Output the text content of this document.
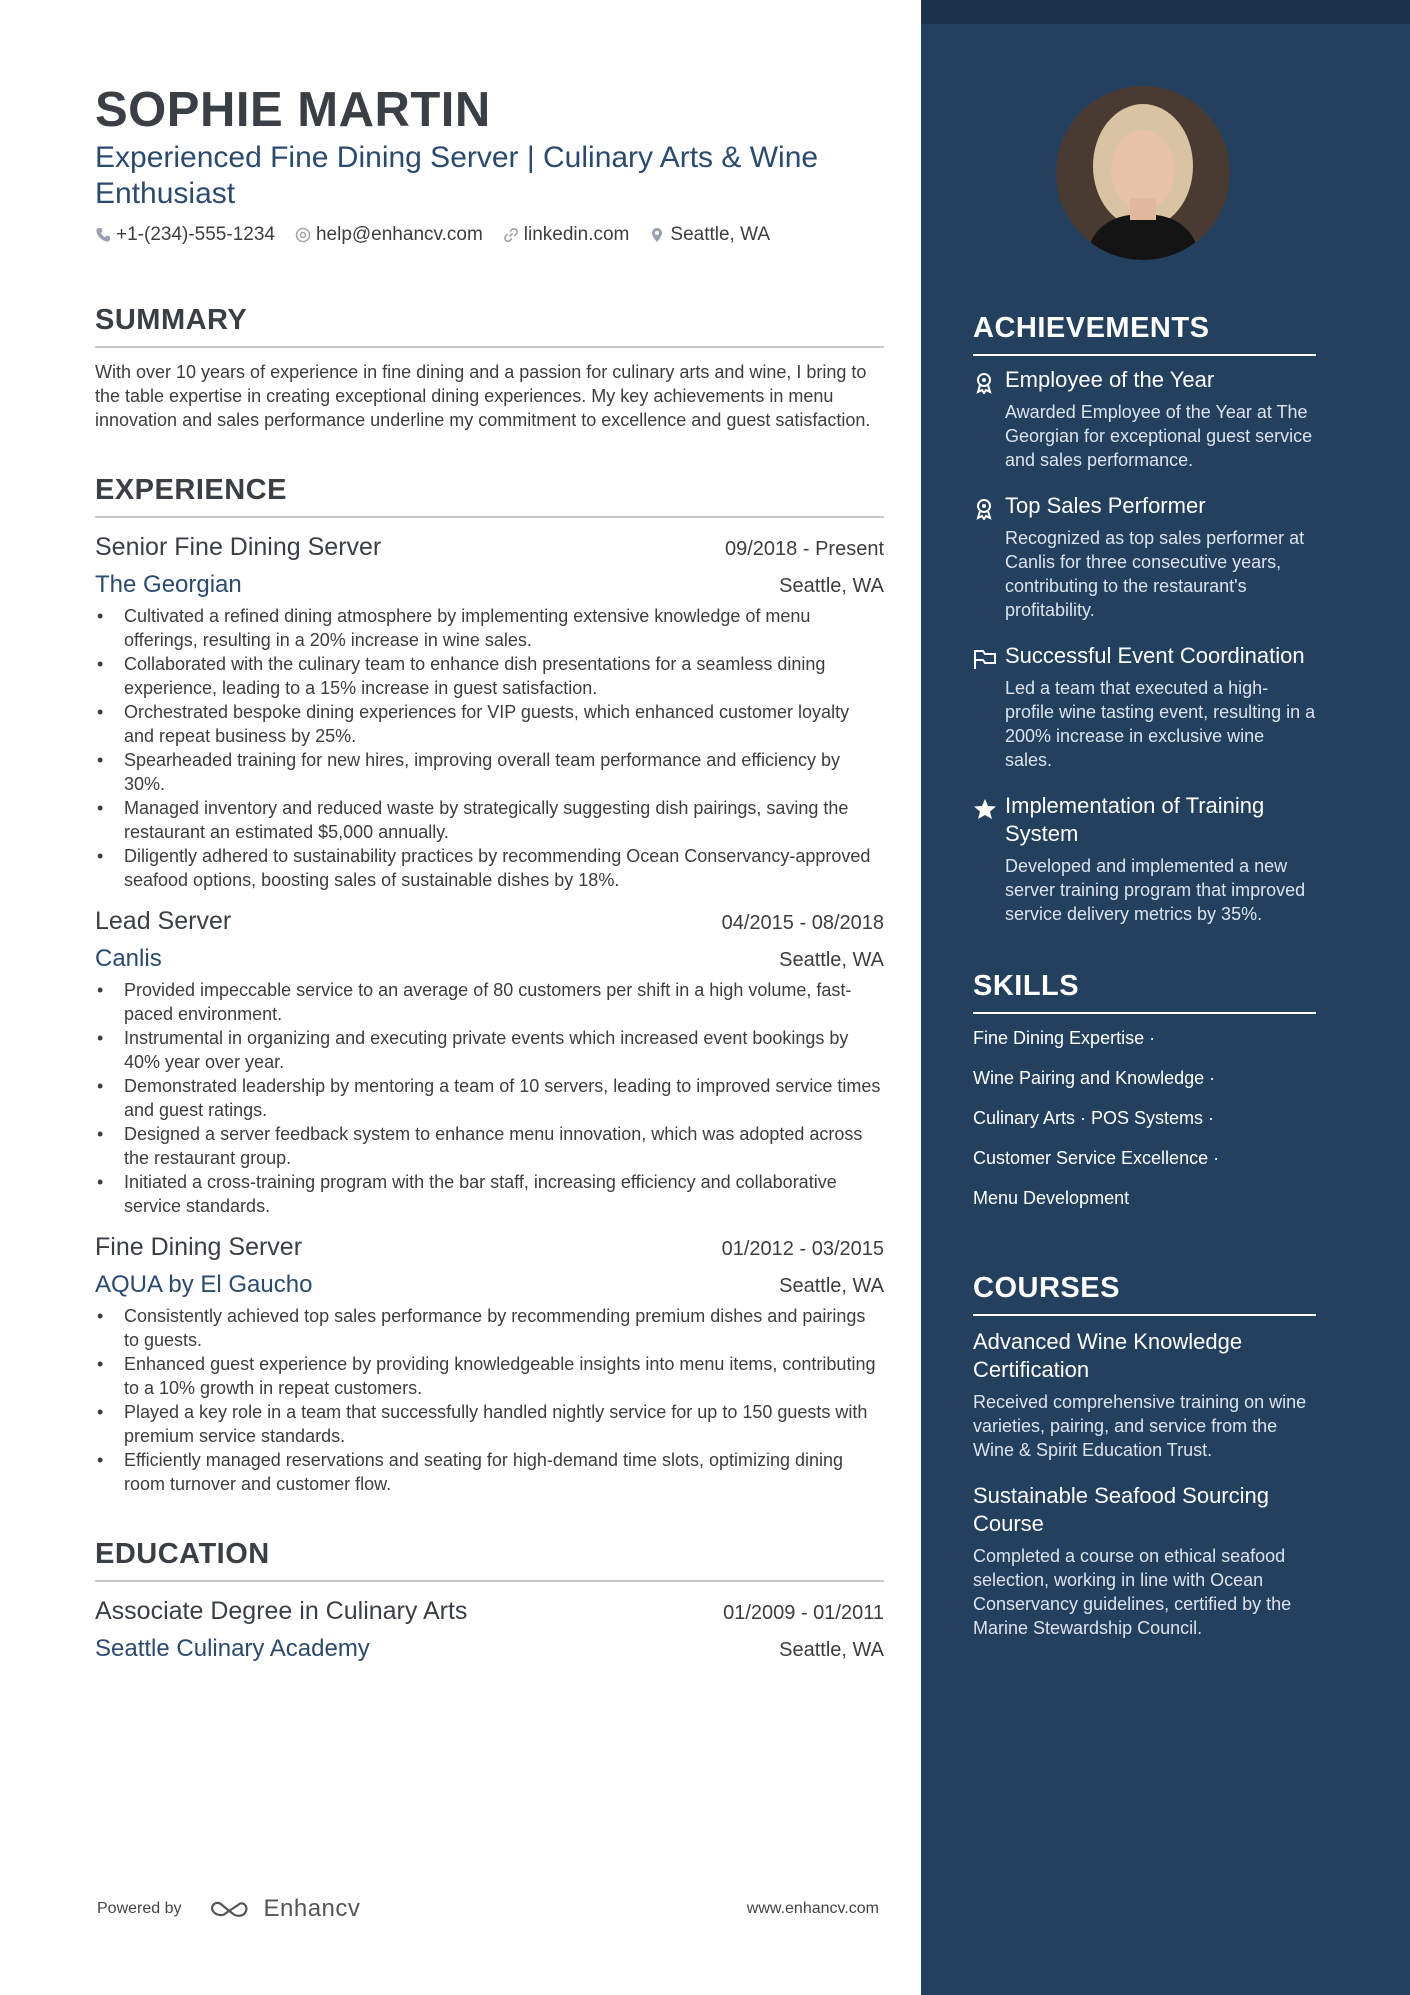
SOPHIE MARTIN

Experienced Fine Dining Server | Culinary Arts & Wine Enthusiast

+1-(234)-555-1234 help@enhancv.com linkedin.com Seattle, WA
SUMMARY
With over 10 years of experience in fine dining and a passion for culinary arts and wine, I bring to the table expertise in creating exceptional dining experiences. My key achievements in menu innovation and sales performance underline my commitment to excellence and guest satisfaction.
EXPERIENCE
Senior Fine Dining Server	09/2018 - Present
The Georgian	Seattle, WA
• Cultivated a refined dining atmosphere by implementing extensive knowledge of menu offerings, resulting in a 20% increase in wine sales.
• Collaborated with the culinary team to enhance dish presentations for a seamless dining experience, leading to a 15% increase in guest satisfaction.
• Orchestrated bespoke dining experiences for VIP guests, which enhanced customer loyalty and repeat business by 25%.
• Spearheaded training for new hires, improving overall team performance and efficiency by 30%.
• Managed inventory and reduced waste by strategically suggesting dish pairings, saving the restaurant an estimated $5,000 annually.
• Diligently adhered to sustainability practices by recommending Ocean Conservancy-approved seafood options, boosting sales of sustainable dishes by 18%.
Lead Server	04/2015 - 08/2018
Canlis	Seattle, WA
• Provided impeccable service to an average of 80 customers per shift in a high volume, fast-paced environment.
• Instrumental in organizing and executing private events which increased event bookings by 40% year over year.
• Demonstrated leadership by mentoring a team of 10 servers, leading to improved service times and guest ratings.
• Designed a server feedback system to enhance menu innovation, which was adopted across the restaurant group.
• Initiated a cross-training program with the bar staff, increasing efficiency and collaborative service standards.
Fine Dining Server	01/2012 - 03/2015
AQUA by El Gaucho	Seattle, WA
• Consistently achieved top sales performance by recommending premium dishes and pairings to guests.
• Enhanced guest experience by providing knowledgeable insights into menu items, contributing to a 10% growth in repeat customers.
• Played a key role in a team that successfully handled nightly service for up to 150 guests with premium service standards.
• Efficiently managed reservations and seating for high-demand time slots, optimizing dining room turnover and customer flow.
EDUCATION
Associate Degree in Culinary Arts	01/2009 - 01/2011
Seattle Culinary Academy	Seattle, WA
Powered by	Enhancv	www.enhancv.com
ACHIEVEMENTS
Employee of the Year
Awarded Employee of the Year at The Georgian for exceptional guest service and sales performance.
Top Sales Performer
Recognized as top sales performer at Canlis for three consecutive years, contributing to the restaurant's profitability.
Successful Event Coordination
Led a team that executed a high-profile wine tasting event, resulting in a 200% increase in exclusive wine sales.
Implementation of Training System
Developed and implemented a new server training program that improved service delivery metrics by 35%.
SKILLS
Fine Dining Expertise ·
Wine Pairing and Knowledge ·
Culinary Arts · POS Systems ·
Customer Service Excellence ·
Menu Development
COURSES
Advanced Wine Knowledge Certification
Received comprehensive training on wine varieties, pairing, and service from the Wine & Spirit Education Trust.
Sustainable Seafood Sourcing Course
Completed a course on ethical seafood selection, working in line with Ocean Conservancy guidelines, certified by the Marine Stewardship Council.
